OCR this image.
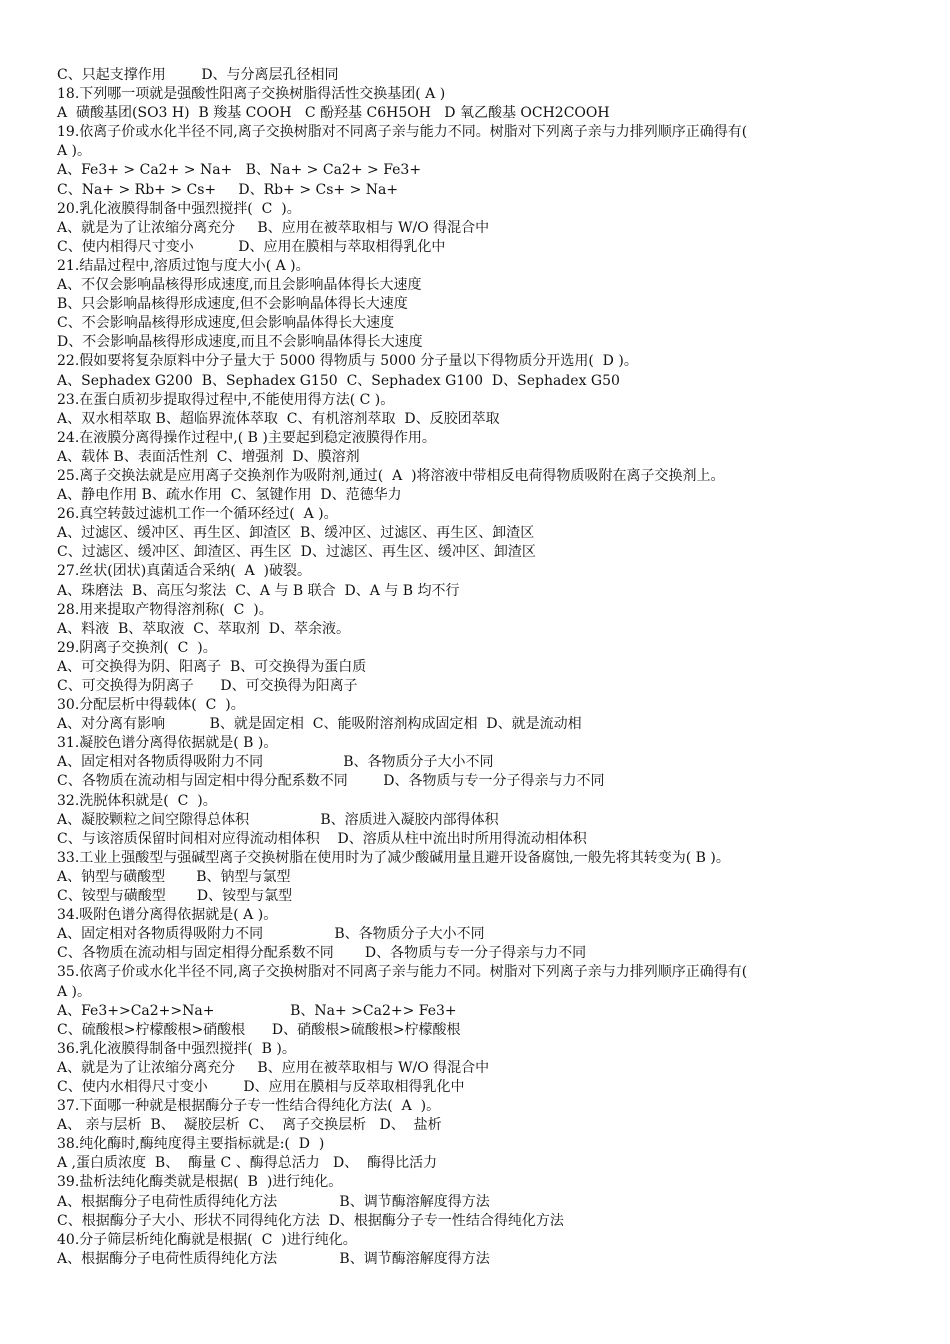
C、只起支撑作用        D、与分离层孔径相同
18.下列哪一项就是强酸性阳离子交换树脂得活性交换基团( A )
A  磺酸基团(SO3 H)  B 羧基 COOH   C 酚羟基 C6H5OH   D 氧乙酸基 OCH2COOH
19.依离子价或水化半径不同,离子交换树脂对不同离子亲与能力不同。树脂对下列离子亲与力排列顺序正确得有(
A )。
A、Fe3+ > Ca2+ > Na+   B、Na+ > Ca2+ > Fe3+
C、Na+ > Rb+ > Cs+     D、Rb+ > Cs+ > Na+
20.乳化液膜得制备中强烈搅拌(  C  )。
A、就是为了让浓缩分离充分     B、应用在被萃取相与 W/O 得混合中
C、使内相得尺寸变小          D、应用在膜相与萃取相得乳化中
21.结晶过程中,溶质过饱与度大小( A )。
A、不仅会影响晶核得形成速度,而且会影响晶体得长大速度
B、只会影响晶核得形成速度,但不会影响晶体得长大速度
C、不会影响晶核得形成速度,但会影响晶体得长大速度
D、不会影响晶核得形成速度,而且不会影响晶体得长大速度
22.假如要将复杂原料中分子量大于 5000 得物质与 5000 分子量以下得物质分开选用(  D )。
A、Sephadex G200  B、Sephadex G150  C、Sephadex G100  D、Sephadex G50
23.在蛋白质初步提取得过程中,不能使用得方法( C )。
A、双水相萃取 B、超临界流体萃取  C、有机溶剂萃取  D、反胶团萃取
24.在液膜分离得操作过程中,( B )主要起到稳定液膜得作用。
A、载体 B、表面活性剂  C、增强剂  D、膜溶剂
25.离子交换法就是应用离子交换剂作为吸附剂,通过(  A  )将溶液中带相反电荷得物质吸附在离子交换剂上。
A、静电作用 B、疏水作用  C、氢键作用  D、范德华力
26.真空转鼓过滤机工作一个循环经过(  A )。
A、过滤区、缓冲区、再生区、卸渣区  B、缓冲区、过滤区、再生区、卸渣区
C、过滤区、缓冲区、卸渣区、再生区  D、过滤区、再生区、缓冲区、卸渣区
27.丝状(团状)真菌适合采纳(  A  )破裂。
A、珠磨法  B、高压匀浆法  C、A 与 B 联合  D、A 与 B 均不行
28.用来提取产物得溶剂称(  C  )。
A、料液  B、萃取液  C、萃取剂  D、萃余液。
29.阴离子交换剂(  C  )。
A、可交换得为阴、阳离子  B、可交换得为蛋白质
C、可交换得为阴离子      D、可交换得为阳离子
30.分配层析中得载体(  C  )。
A、对分离有影响          B、就是固定相  C、能吸附溶剂构成固定相  D、就是流动相
31.凝胶色谱分离得依据就是( B )。
A、固定相对各物质得吸附力不同                  B、各物质分子大小不同
C、各物质在流动相与固定相中得分配系数不同        D、各物质与专一分子得亲与力不同
32.洗脱体积就是(  C  )。
A、凝胶颗粒之间空隙得总体积                B、溶质进入凝胶内部得体积
C、与该溶质保留时间相对应得流动相体积    D、溶质从柱中流出时所用得流动相体积
33.工业上强酸型与强碱型离子交换树脂在使用时为了减少酸碱用量且避开设备腐蚀,一般先将其转变为( B )。
A、钠型与磺酸型       B、钠型与氯型
C、铵型与磺酸型       D、铵型与氯型
34.吸附色谱分离得依据就是( A )。
A、固定相对各物质得吸附力不同                B、各物质分子大小不同
C、各物质在流动相与固定相得分配系数不同       D、各物质与专一分子得亲与力不同
35.依离子价或水化半径不同,离子交换树脂对不同离子亲与能力不同。树脂对下列离子亲与力排列顺序正确得有(
A )。
A、Fe3+>Ca2+>Na+                 B、Na+ >Ca2+> Fe3+
C、硫酸根>柠檬酸根>硝酸根      D、硝酸根>硫酸根>柠檬酸根
36.乳化液膜得制备中强烈搅拌(  B )。
A、就是为了让浓缩分离充分     B、应用在被萃取相与 W/O 得混合中
C、使内水相得尺寸变小        D、应用在膜相与反萃取相得乳化中
37.下面哪一种就是根据酶分子专一性结合得纯化方法(  A  )。
A、 亲与层析  B、  凝胶层析  C、  离子交换层析   D、  盐析
38.纯化酶时,酶纯度得主要指标就是:(  D  )
A ,蛋白质浓度  B、  酶量 C 、酶得总活力   D、  酶得比活力
39.盐析法纯化酶类就是根据(  B  )进行纯化。
A、根据酶分子电荷性质得纯化方法              B、调节酶溶解度得方法
C、根据酶分子大小、形状不同得纯化方法  D、根据酶分子专一性结合得纯化方法
40.分子筛层析纯化酶就是根据(  C  )进行纯化。
A、根据酶分子电荷性质得纯化方法              B、调节酶溶解度得方法
